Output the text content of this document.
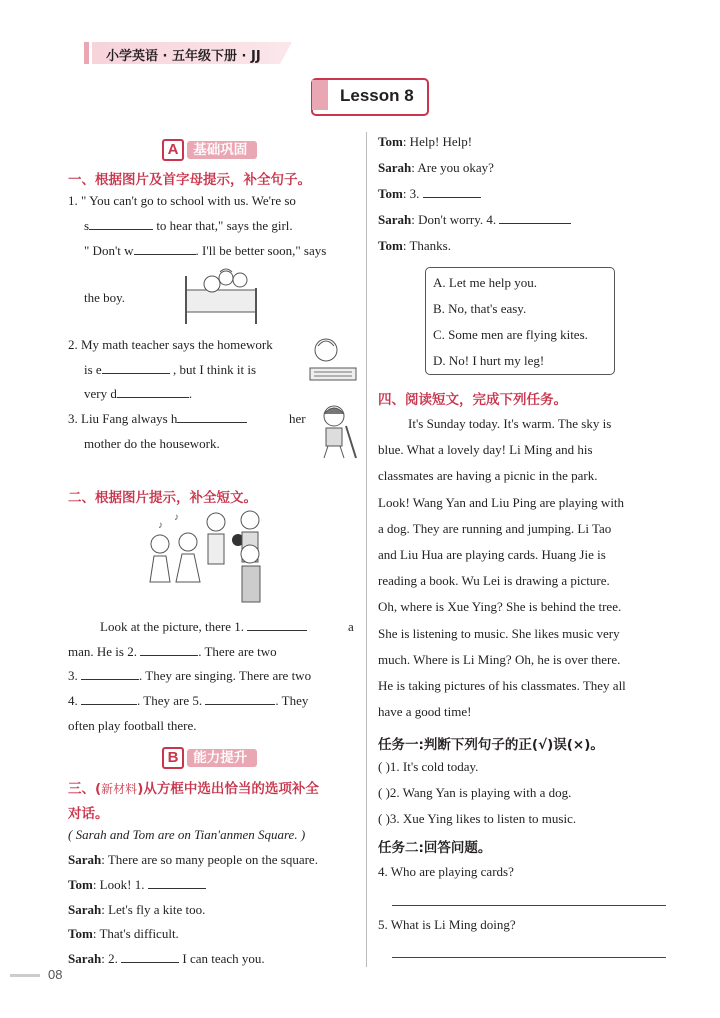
小学英语 · 五年级下册 · JJ
Lesson 8
A 基础巩固
一、根据图片及首字母提示，补全句子。
1. " You can't go to school with us. We're so
s	to hear that," says the girl.
" Don't w	. I'll be better soon," says
the boy.
2. My math teacher says the homework
is e	, but I think it is
very d	.
3. Liu Fang always h	her
mother do the housework.
二、根据图片提示，补全短文。
♪
♪
Look at the picture, there 1.	a
man. He is 2.	. There are two
3.	. They are singing. There are two
4.	. They are 5.	. They
often play football there.
B 能力提升
三、(新材料)从方框中选出恰当的选项补全
对话。
( Sarah and Tom are on Tian'anmen Square. )
Sarah: There are so many people on the square.
Tom: Look! 1.
Sarah: Let's fly a kite too.
Tom: That's difficult.
Sarah: 2.	I can teach you.
Tom: Help! Help!
Sarah: Are you okay?
Tom: 3.
Sarah: Don't worry. 4.
Tom: Thanks.
A. Let me help you.
B. No, that's easy.
C. Some men are flying kites.
D. No! I hurt my leg!
四、阅读短文，完成下列任务。
It's Sunday today. It's warm. The sky is
blue. What a lovely day! Li Ming and his
classmates are having a picnic in the park.
Look! Wang Yan and Liu Ping are playing with
a dog. They are running and jumping. Li Tao
and Liu Hua are playing cards. Huang Jie is
reading a book. Wu Lei is drawing a picture.
Oh, where is Xue Ying? She is behind the tree.
She is listening to music. She likes music very
much. Where is Li Ming? Oh, he is over there.
He is taking pictures of his classmates. They all
have a good time!
任务一:判断下列句子的正(√)误(×)。
( )1. It's cold today.
( )2. Wang Yan is playing with a dog.
( )3. Xue Ying likes to listen to music.
任务二:回答问题。
4. Who are playing cards?
5. What is Li Ming doing?
08
